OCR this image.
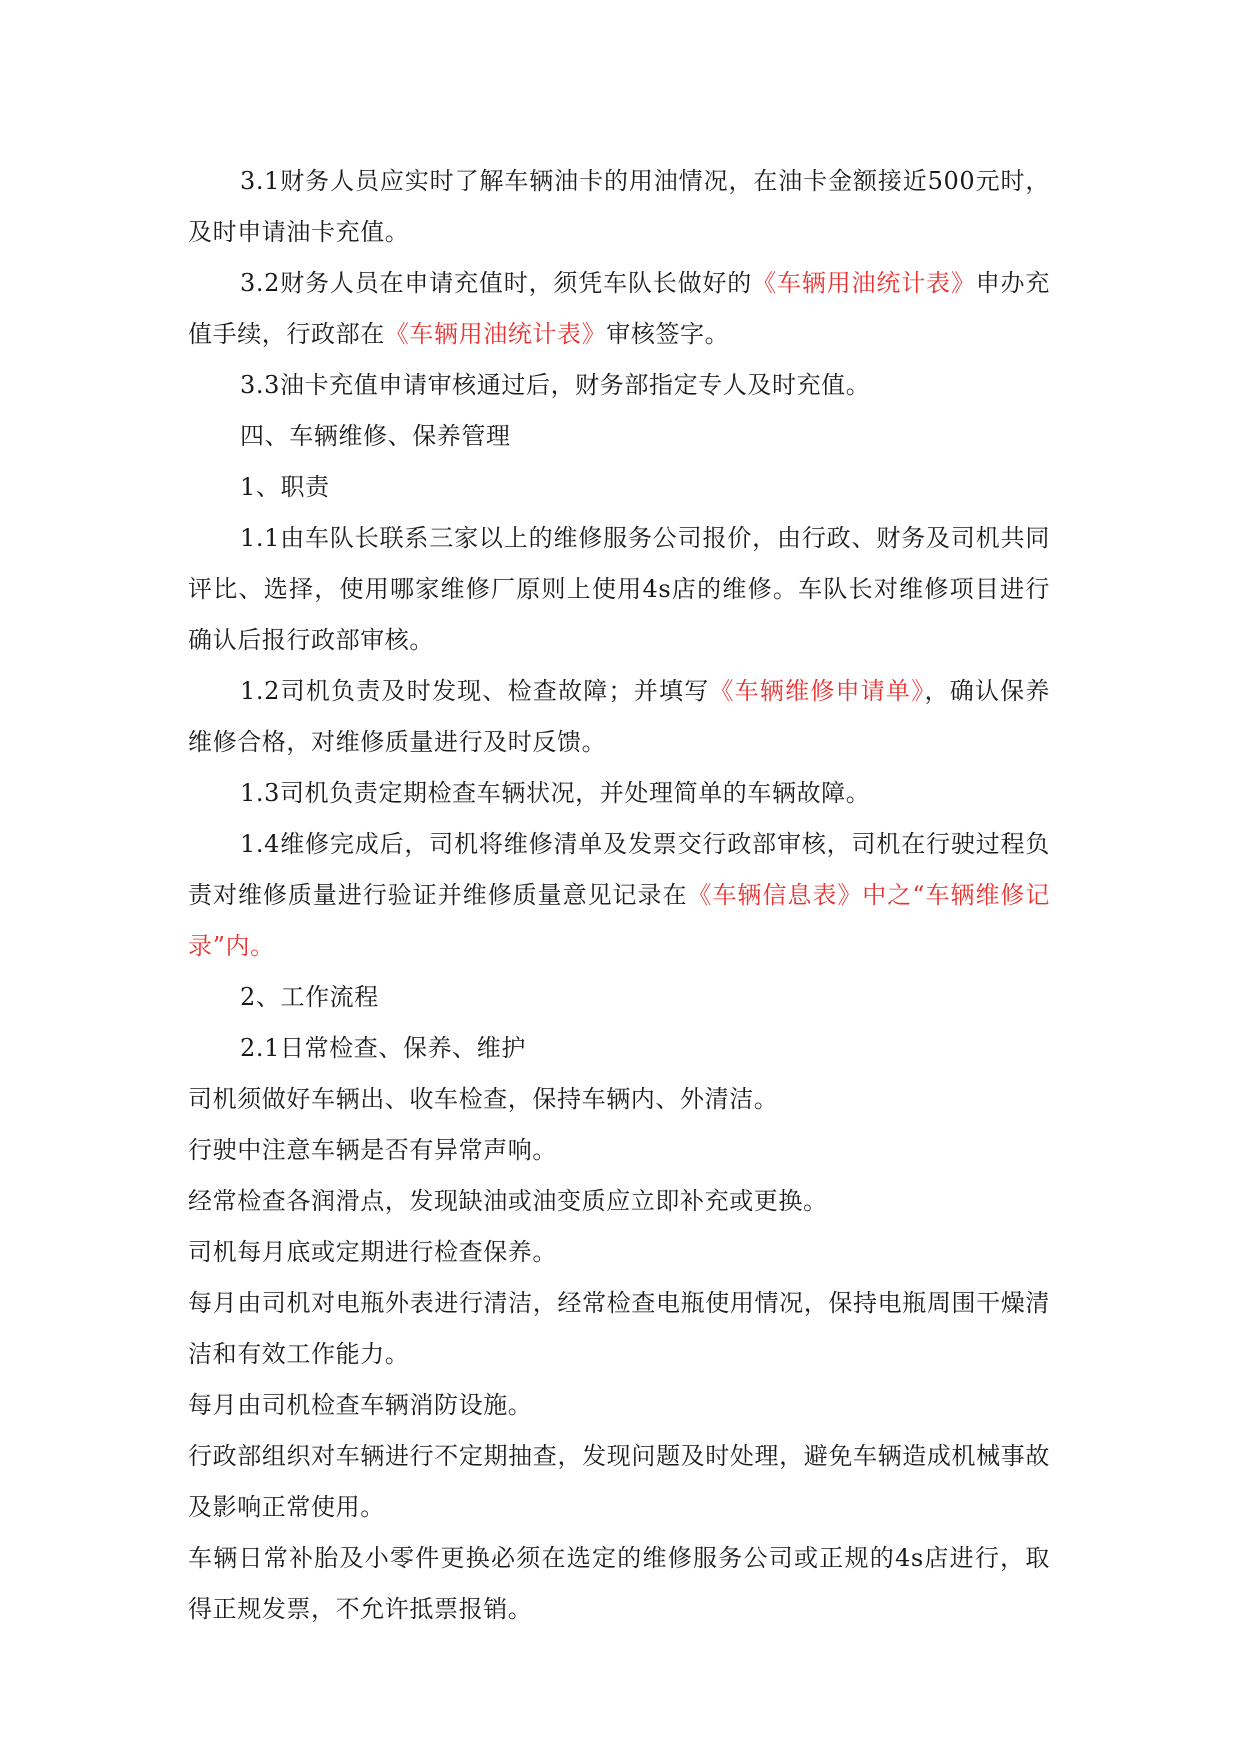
3.1财务人员应实时了解车辆油卡的用油情况，在油卡金额接近500元时，及时申请油卡充值。

3.2财务人员在申请充值时，须凭车队长做好的《车辆用油统计表》申办充值手续，行政部在《车辆用油统计表》审核签字。

3.3油卡充值申请审核通过后，财务部指定专人及时充值。

四、车辆维修、保养管理

1、职责

1.1由车队长联系三家以上的维修服务公司报价，由行政、财务及司机共同评比、选择，使用哪家维修厂原则上使用4s店的维修。车队长对维修项目进行确认后报行政部审核。

1.2司机负责及时发现、检查故障；并填写《车辆维修申请单》，确认保养维修合格，对维修质量进行及时反馈。

1.3司机负责定期检查车辆状况，并处理简单的车辆故障。

1.4维修完成后，司机将维修清单及发票交行政部审核，司机在行驶过程负责对维修质量进行验证并维修质量意见记录在《车辆信息表》中之“车辆维修记录”内。

2、工作流程

2.1日常检查、保养、维护

司机须做好车辆出、收车检查，保持车辆内、外清洁。

行驶中注意车辆是否有异常声响。

经常检查各润滑点，发现缺油或油变质应立即补充或更换。

司机每月底或定期进行检查保养。

每月由司机对电瓶外表进行清洁，经常检查电瓶使用情况，保持电瓶周围干燥清洁和有效工作能力。

每月由司机检查车辆消防设施。

行政部组织对车辆进行不定期抽查，发现问题及时处理，避免车辆造成机械事故及影响正常使用。

车辆日常补胎及小零件更换必须在选定的维修服务公司或正规的4s店进行，取得正规发票，不允许抵票报销。
